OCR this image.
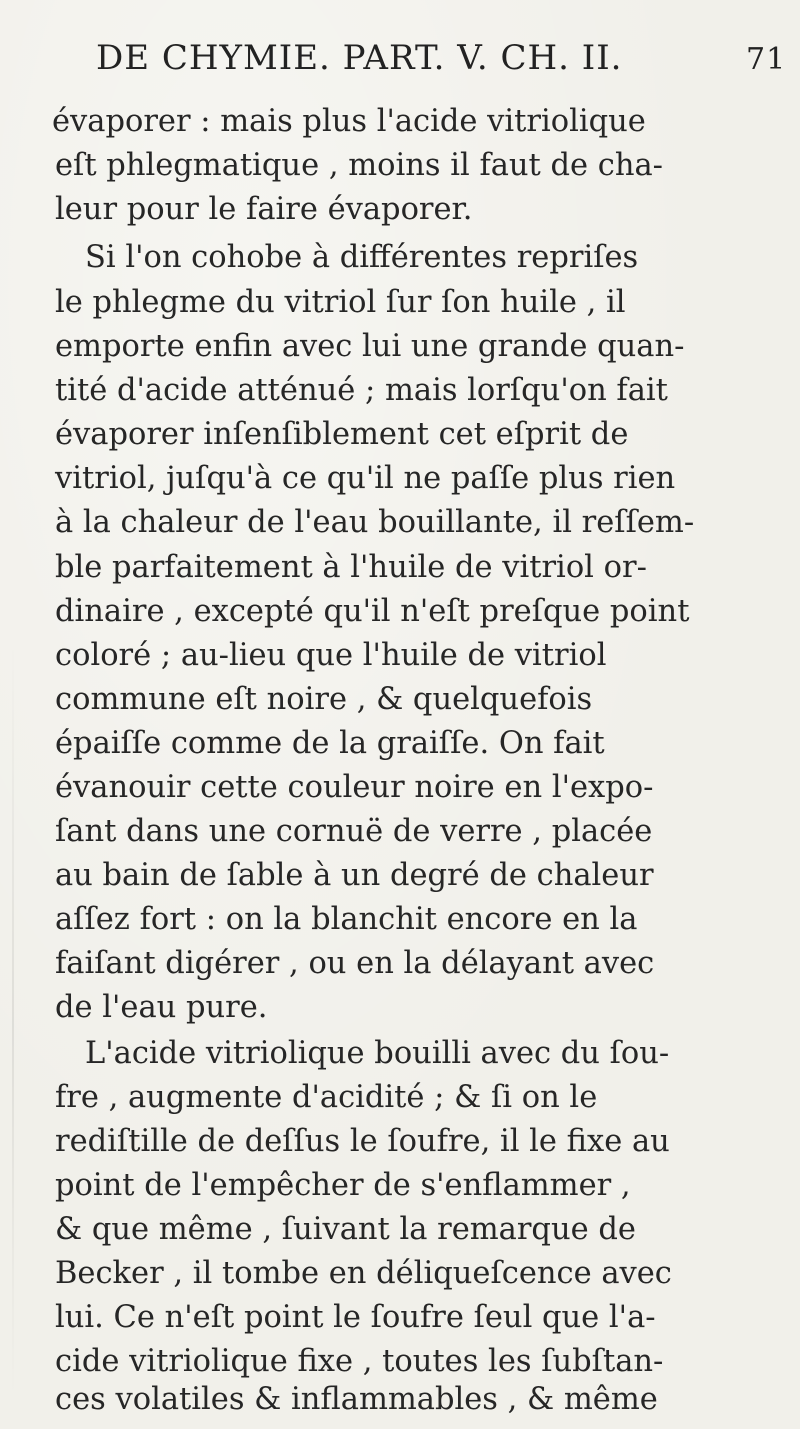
DE CHYMIE. PART. V. CH. II.	71
évaporer : mais plus l'acide vitriolique
eſt phlegmatique , moins il faut de cha-
leur pour le faire évaporer.
Si l'on cohobe à différentes repriſes
le phlegme du vitriol ſur ſon huile , il
emporte enfin avec lui une grande quan-
tité d'acide atténué ; mais lorſqu'on fait
évaporer inſenſiblement cet eſprit de
vitriol, juſqu'à ce qu'il ne paſſe plus rien
à la chaleur de l'eau bouillante, il reſſem-
ble parfaitement à l'huile de vitriol or-
dinaire , excepté qu'il n'eſt preſque point
coloré ; au-lieu que l'huile de vitriol
commune eſt noire , & quelquefois
épaiſſe comme de la graiſſe. On fait
évanouir cette couleur noire en l'expo-
ſant dans une cornuë de verre , placée
au bain de ſable à un degré de chaleur
aſſez fort : on la blanchit encore en la
faiſant digérer , ou en la délayant avec
de l'eau pure.
L'acide vitriolique bouilli avec du ſou-
fre , augmente d'acidité ; & ſi on le
rediſtille de deſſus le ſoufre, il le fixe au
point de l'empêcher de s'enflammer ,
& que même , ſuivant la remarque de
Becker , il tombe en déliqueſcence avec
lui. Ce n'eſt point le ſoufre ſeul que l'a-
cide vitriolique fixe , toutes les ſubſtan-
ces volatiles & inflammables , & même
